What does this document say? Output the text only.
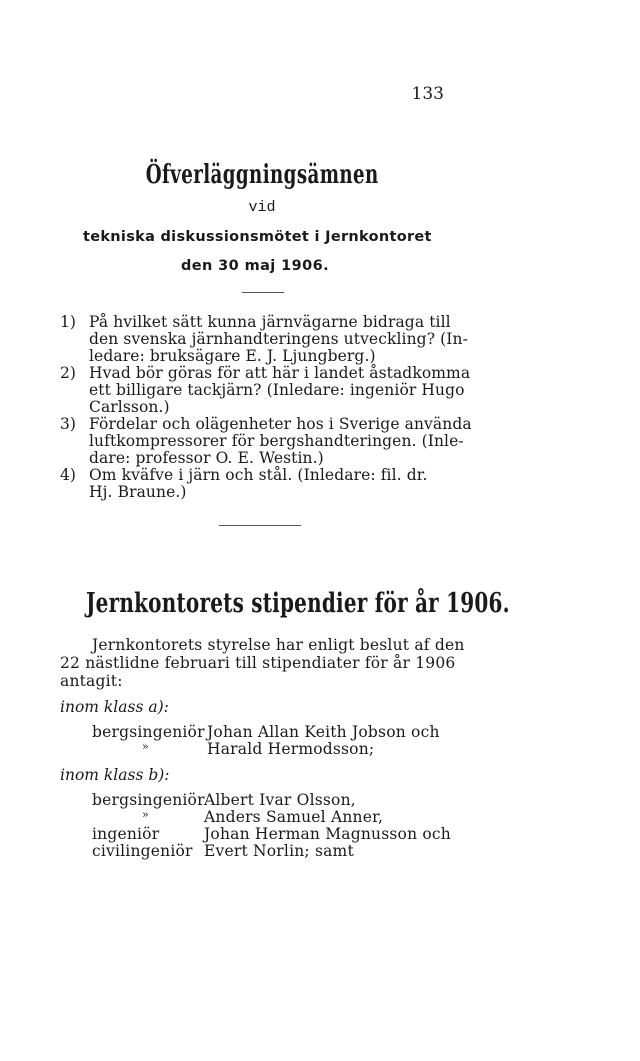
133
Öfverläggningsämnen
vid
tekniska diskussionsmötet i Jernkontoret
den 30 maj 1906.
1) På hvilket sätt kunna järnvägarne bidraga till
den svenska järnhandteringens utveckling? (In-
ledare: bruksägare E. J. Ljungberg.)
2) Hvad bör göras för att här i landet åstadkomma
ett billigare tackjärn? (Inledare: ingeniör Hugo
Carlsson.)
3) Fördelar och olägenheter hos i Sverige använda
luftkompressorer för bergshandteringen. (Inle-
dare: professor O. E. Westin.)
4) Om kväfve i järn och stål. (Inledare: fil. dr.
Hj. Braune.)
Jernkontorets stipendier för år 1906.
Jernkontorets styrelse har enligt beslut af den
22 nästlidne februari till stipendiater för år 1906
antagit:
inom klass a):
bergsingeniör Johan Allan Keith Jobson och
»	Harald Hermodsson;
inom klass b):
bergsingeniör Albert Ivar Olsson,
»	Anders Samuel Anner,
ingeniör	Johan Herman Magnusson och
civilingeniör Evert Norlin; samt
